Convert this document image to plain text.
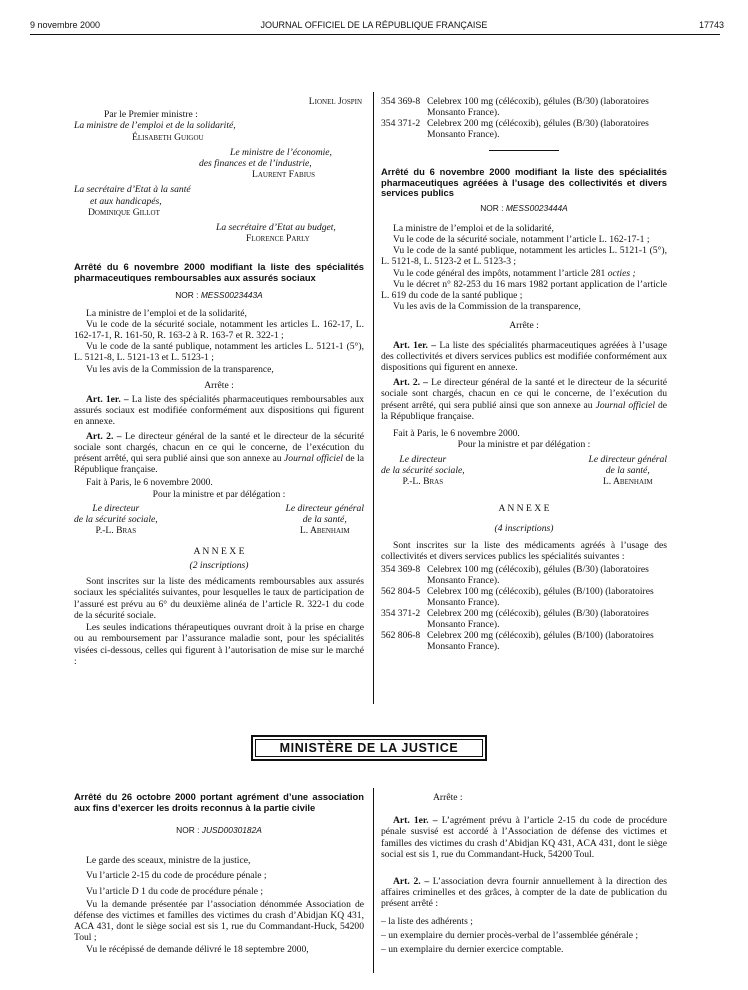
9 novembre 2000	JOURNAL OFFICIEL DE LA RÉPUBLIQUE FRANÇAISE	17743

Lionel Jospin

Par le Premier ministre :

La ministre de l’emploi et de la solidarité,

Élisabeth Guigou

Le ministre de l’économie,

des finances et de l’industrie,

Laurent Fabius

La secrétaire d’Etat à la santé

et aux handicapés,

Dominique Gillot

La secrétaire d’Etat au budget,

Florence Parly

Arrêté du 6 novembre 2000 modifiant la liste des spécialités pharmaceutiques remboursables aux assurés sociaux

NOR : MESS0023443A

La ministre de l’emploi et de la solidarité,

Vu le code de la sécurité sociale, notamment les articles L. 162-17, L. 162-17-1, R. 161-50, R. 163-2 à R. 163-7 et R. 322-1 ;

Vu le code de la santé publique, notamment les articles L. 5121-1 (5°), L. 5121-8, L. 5121-13 et L. 5123-1 ;

Vu les avis de la Commission de la transparence,

Arrête :

Art. 1er. – La liste des spécialités pharmaceutiques remboursables aux assurés sociaux est modifiée conformément aux dispositions qui figurent en annexe.

Art. 2. – Le directeur général de la santé et le directeur de la sécurité sociale sont chargés, chacun en ce qui le concerne, de l’exécution du présent arrêté, qui sera publié ainsi que son annexe au Journal officiel de la République française.

Fait à Paris, le 6 novembre 2000.

Pour la ministre et par délégation :

Le directeur
de la sécurité sociale,
P.-L. Bras
Le directeur général
de la santé,
L. Abenhaim

A N N E X E

(2 inscriptions)

Sont inscrites sur la liste des médicaments remboursables aux assurés sociaux les spécialités suivantes, pour lesquelles le taux de participation de l’assuré est prévu au 6° du deuxième alinéa de l’article R. 322-1 du code de la sécurité sociale.

Les seules indications thérapeutiques ouvrant droit à la prise en charge ou au remboursement par l’assurance maladie sont, pour les spécialités visées ci-dessous, celles qui figurent à l’autorisation de mise sur le marché :

354 369-8 Celebrex 100 mg (célécoxib), gélules (B/30) (laboratoires Monsanto France).
354 371-2 Celebrex 200 mg (célécoxib), gélules (B/30) (laboratoires Monsanto France).

Arrêté du 6 novembre 2000 modifiant la liste des spécialités pharmaceutiques agréées à l’usage des collectivités et divers services publics

NOR : MESS0023444A

La ministre de l’emploi et de la solidarité,

Vu le code de la sécurité sociale, notamment l’article L. 162-17-1 ;

Vu le code de la santé publique, notamment les articles L. 5121-1 (5°), L. 5121-8, L. 5123-2 et L. 5123-3 ;

Vu le code général des impôts, notamment l’article 281 octies ;

Vu le décret n° 82-253 du 16 mars 1982 portant application de l’article L. 619 du code de la santé publique ;

Vu les avis de la Commission de la transparence,

Arrête :

Art. 1er. – La liste des spécialités pharmaceutiques agréées à l’usage des collectivités et divers services publics est modifiée conformément aux dispositions qui figurent en annexe.

Art. 2. – Le directeur général de la santé et le directeur de la sécurité sociale sont chargés, chacun en ce qui le concerne, de l’exécution du présent arrêté, qui sera publié ainsi que son annexe au Journal officiel de la République française.

Fait à Paris, le 6 novembre 2000.

Pour la ministre et par délégation :

Le directeur
de la sécurité sociale,
P.-L. Bras
Le directeur général
de la santé,
L. Abenhaim

A N N E X E

(4 inscriptions)

Sont inscrites sur la liste des médicaments agréés à l’usage des collectivités et divers services publics les spécialités suivantes :

354 369-8 Celebrex 100 mg (célécoxib), gélules (B/30) (laboratoires Monsanto France).
562 804-5 Celebrex 100 mg (célécoxib), gélules (B/100) (laboratoires Monsanto France).
354 371-2 Celebrex 200 mg (célécoxib), gélules (B/30) (laboratoires Monsanto France).
562 806-8 Celebrex 200 mg (célécoxib), gélules (B/100) (laboratoires Monsanto France).
MINISTÈRE DE LA JUSTICE

Arrêté du 26 octobre 2000 portant agrément d’une association aux fins d’exercer les droits reconnus à la partie civile

NOR : JUSD0030182A

Le garde des sceaux, ministre de la justice,

Vu l’article 2-15 du code de procédure pénale ;

Vu l’article D 1 du code de procédure pénale ;

Vu la demande présentée par l’association dénommée Association de défense des victimes et familles des victimes du crash d’Abidjan KQ 431, ACA 431, dont le siège social est sis 1, rue du Commandant-Huck, 54200 Toul ;

Vu le récépissé de demande délivré le 18 septembre 2000,

Arrête :

Art. 1er. – L’agrément prévu à l’article 2-15 du code de procédure pénale susvisé est accordé à l’Association de défense des victimes et familles des victimes du crash d’Abidjan KQ 431, ACA 431, dont le siège social est sis 1, rue du Commandant-Huck, 54200 Toul.

Art. 2. – L’association devra fournir annuellement à la direction des affaires criminelles et des grâces, à compter de la date de publication du présent arrêté :

– la liste des adhérents ;

– un exemplaire du dernier procès-verbal de l’assemblée générale ;

– un exemplaire du dernier exercice comptable.
